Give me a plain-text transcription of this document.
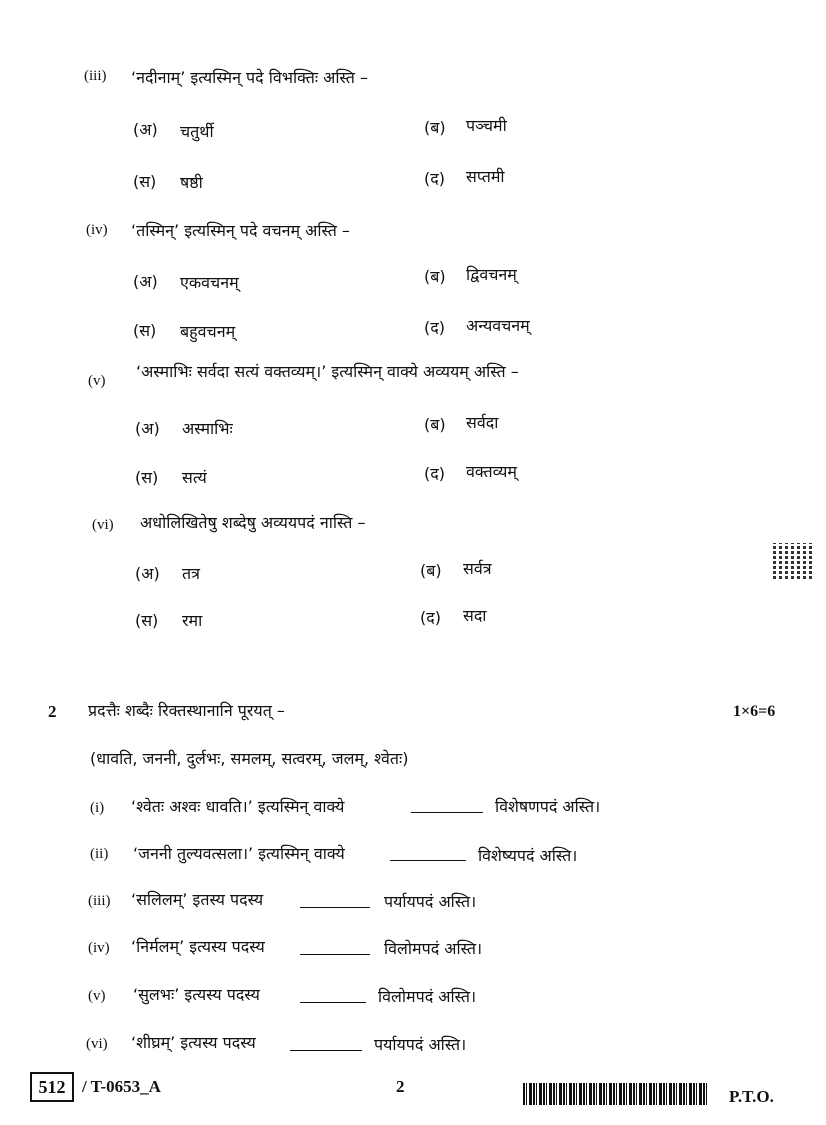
(iii) ‘नदीनाम्’ इत्यस्मिन् पदे विभक्तिः अस्ति –
(अ) चतुर्थी	(ब) पञ्चमी
(स) षष्ठी	(द) सप्तमी
(iv) ‘तस्मिन्’ इत्यस्मिन् पदे वचनम् अस्ति –
(अ) एकवचनम्	(ब) द्विवचनम्
(स) बहुवचनम्	(द) अन्यवचनम्
(v) ‘अस्माभिः सर्वदा सत्यं वक्तव्यम्।’ इत्यस्मिन् वाक्ये अव्ययम् अस्ति –
(अ) अस्माभिः	(ब) सर्वदा
(स) सत्यं	(द) वक्तव्यम्
(vi) अधोलिखितेषु शब्देषु अव्ययपदं नास्ति –
(अ) तत्र	(ब) सर्वत्र
(स) रमा	(द) सदा
2 प्रदत्तैः शब्दैः रिक्तस्थानानि पूरयत् –	1×6=6
(धावति, जननी, दुर्लभः, समलम्, सत्वरम्, जलम्, श्वेतः)
(i) ‘श्वेतः अश्वः धावति।’ इत्यस्मिन् वाक्ये	विशेषणपदं अस्ति।
(ii) ‘जननी तुल्यवत्सला।’ इत्यस्मिन् वाक्ये	विशेष्यपदं अस्ति।
(iii) ‘सलिलम्’ इतस्य पदस्य	पर्यायपदं अस्ति।
(iv) ‘निर्मलम्’ इत्यस्य पदस्य	विलोमपदं अस्ति।
(v) ‘सुलभः’ इत्यस्य पदस्य	विलोमपदं अस्ति।
(vi) ‘शीघ्रम्’ इत्यस्य पदस्य	पर्यायपदं अस्ति।
512 / T-0653_A	2
P.T.O.
